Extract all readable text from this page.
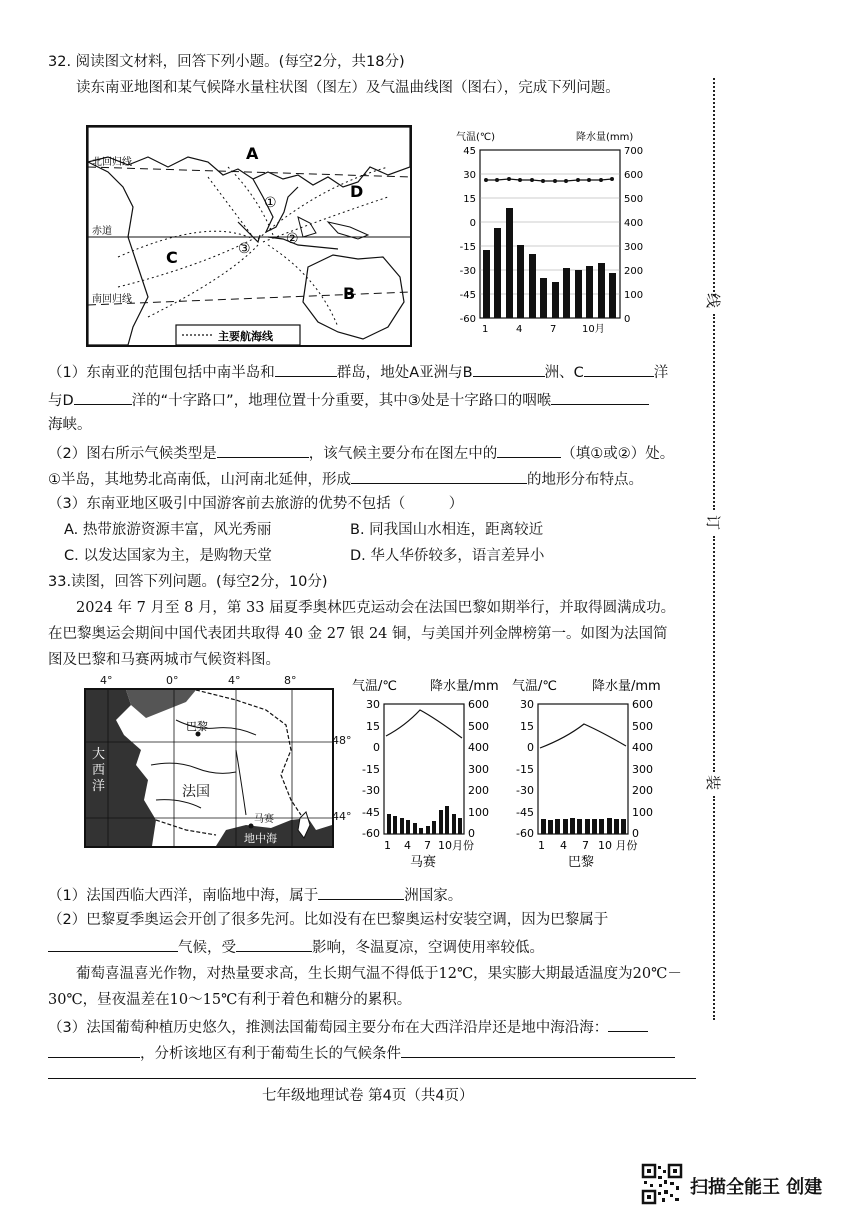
32. 阅读图文材料，回答下列小题。(每空2分，共18分)
读东南亚地图和某气候降水量柱状图（图左）及气温曲线图（图右），完成下列问题。
主要航海线
A
D
C
B
①
②
③
北回归线
赤道
南回归线
气温(℃)	降水量(mm)
45
30
15
0
-15
-30
-45
-60
700
600
500
400
300
200
100
0
1	4	7	10月
（1）东南亚的范围包括中南半岛和	群岛，地处A亚洲与B	洲、C	洋
与D	洋的“十字路口”，地理位置十分重要，其中③处是十字路口的咽喉
海峡。
（2）图右所示气候类型是	，该气候主要分布在图左中的	（填①或②）处。
①半岛，其地势北高南低，山河南北延伸，形成	的地形分布特点。
（3）东南亚地区吸引中国游客前去旅游的优势不包括（　　　）
A. 热带旅游资源丰富，风光秀丽	B. 同我国山水相连，距离较近
C. 以发达国家为主，是购物天堂	D. 华人华侨较多，语言差异小
33.读图，回答下列问题。(每空2分，10分)
2024 年 7 月至 8 月，第 33 届夏季奥林匹克运动会在法国巴黎如期举行，并取得圆满成功。
在巴黎奥运会期间中国代表团共取得 40 金 27 银 24 铜，与美国并列金牌榜第一。如图为法国简
图及巴黎和马赛两城市气候资料图。
巴黎
大
西
洋	法国
马赛
地中海
4°	0°	4°	8°
48°
44°
气温/℃	降水量/mm
30
15
0
-15
-30
-45
-60
600
500
400
300
200
100
0
1 4 7 10月份
马赛
气温/℃	降水量/mm
30
15
0
-15
-30
-45
-60
600
500
400
300
200
100
0
1 4 7 10 月份
巴黎
（1）法国西临大西洋，南临地中海，属于	洲国家。
（2）巴黎夏季奥运会开创了很多先河。比如没有在巴黎奥运村安装空调，因为巴黎属于
气候，受	影响，冬温夏凉，空调使用率较低。
葡萄喜温喜光作物，对热量要求高，生长期气温不得低于12℃，果实膨大期最适温度为20℃－
30℃，昼夜温差在10～15℃有利于着色和糖分的累积。
（3）法国葡萄种植历史悠久，推测法国葡萄园主要分布在大西洋沿岸还是地中海沿海：
，分析该地区有利于葡萄生长的气候条件
七年级地理试卷 第4页（共4页）
线
订
装
扫描全能王 创建
